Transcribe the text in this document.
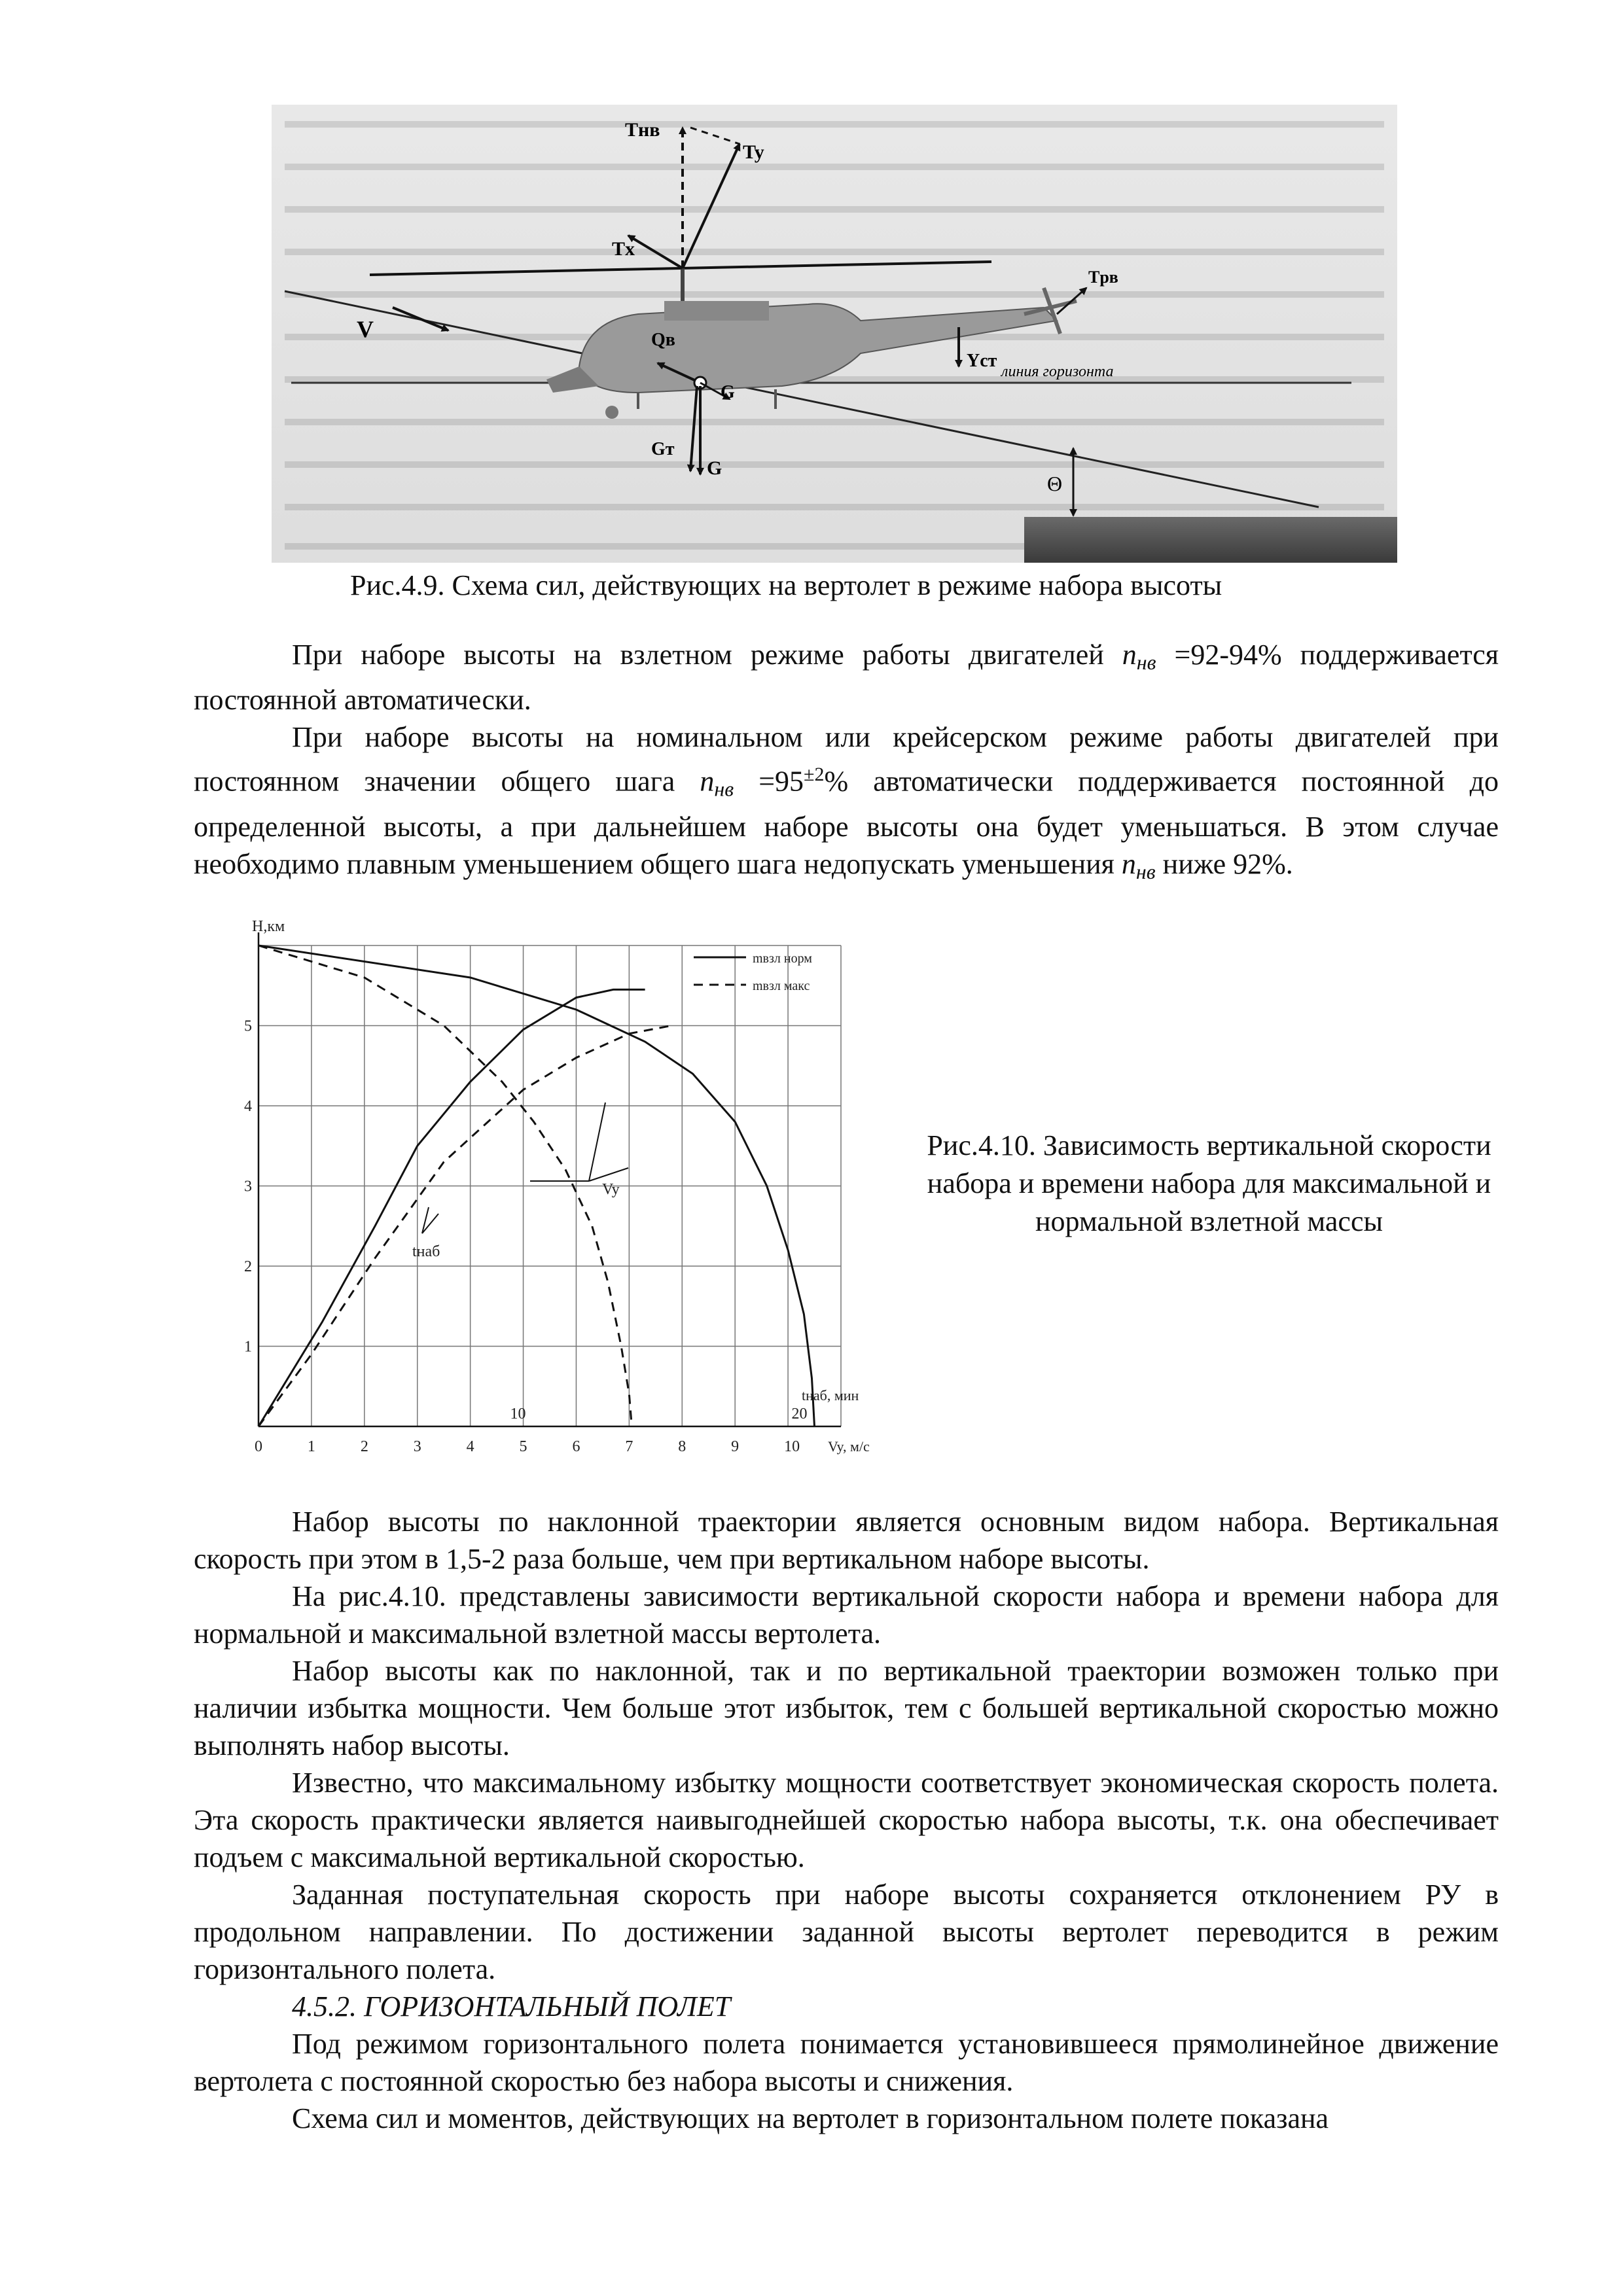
Tнв
Ty
Tx
Tрв
V	Qв
G
Gт
G
Yст
линия горизонта
Θ
Рис.4.9. Схема сил, действующих на вертолет в режиме набора высоты

При наборе высоты на взлетном режиме работы двигателей $n_{нв} =92-94\%$ поддерживается постоянной автоматически.

При наборе высоты на номинальном или крейсерском режиме работы двигателей при постоянном значении общего шага $n_{нв} =95^{\pm 2}\%$ автоматически поддерживается постоянной до определенной высоты, а при дальнейшем наборе высоты она будет уменьшаться. В этом случае необходимо плавным уменьшением общего шага недопускать уменьшения $n_{нв}$ ниже 92%.

0	1	2	3	4	5	6	7	8	9	10
1
2
3
4
5
10	20
H,км
Vy, м/с
tнаб, мин
mвзл норм
mвзл макс
Vy
tнаб
Рис.4.10. Зависимость вертикальной скорости набора и времени набора для максимальной и нормальной взлетной массы

Набор высоты по наклонной траектории является основным видом набора. Вертикальная скорость при этом в 1,5-2 раза больше, чем при вертикальном наборе высоты.

На рис.4.10. представлены зависимости вертикальной скорости набора и времени набора для нормальной и максимальной взлетной массы вертолета.

Набор высоты как по наклонной, так и по вертикальной траектории возможен только при наличии избытка мощности. Чем больше этот избыток, тем с большей вертикальной скоростью можно выполнять набор высоты.

Известно, что максимальному избытку мощности соответствует экономическая скорость полета. Эта скорость практически является наивыгоднейшей скоростью набора высоты, т.к. она обеспечивает подъем с максимальной вертикальной скоростью.

Заданная поступательная скорость при наборе высоты сохраняется отклонением РУ в продольном направлении. По достижении заданной высоты вертолет переводится в режим горизонтального полета.

4.5.2. ГОРИЗОНТАЛЬНЫЙ ПОЛЕТ

Под режимом горизонтального полета понимается установившееся прямолинейное движение вертолета с постоянной скоростью без набора высоты и снижения.

Схема сил и моментов, действующих на вертолет в горизонтальном полете показана
